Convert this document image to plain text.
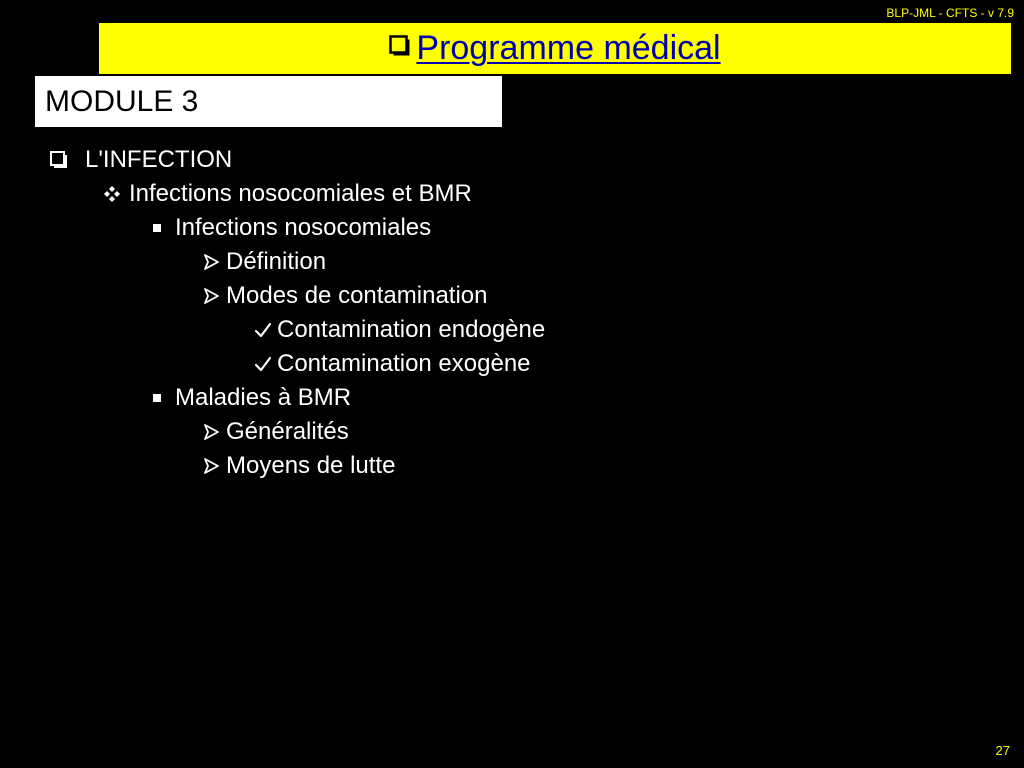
BLP-JML - CFTS - v 7.9
Programme médical
MODULE 3
L'INFECTION
Infections nosocomiales et BMR
Infections nosocomiales
Définition
Modes de contamination
Contamination endogène
Contamination exogène
Maladies à BMR
Généralités
Moyens de lutte
27
